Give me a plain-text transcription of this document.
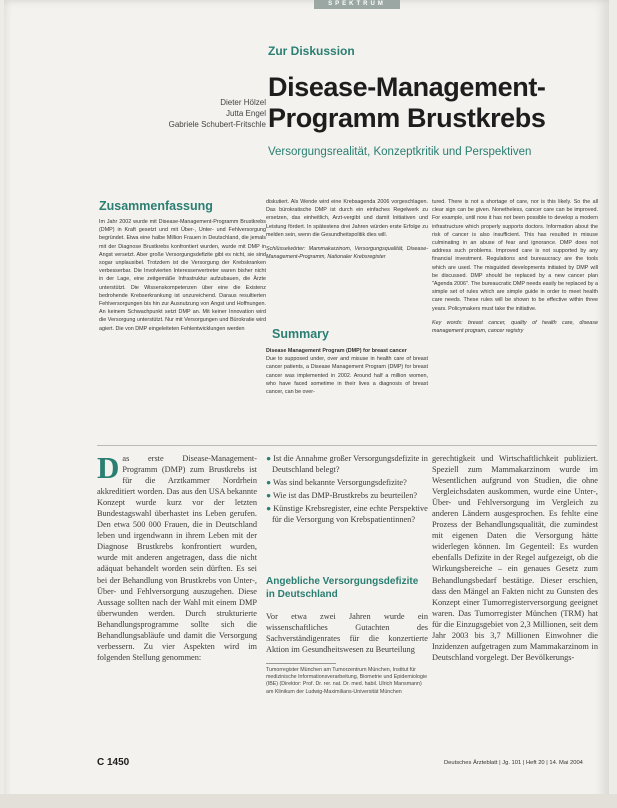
SPEKTRUM
Zur Diskussion
Dieter Hölzel
Jutta Engel
Gabriele Schubert-Fritschle
Disease-Management-Programm Brustkrebs
Versorgungsrealität, Konzeptkritik und Perspektiven
Zusammenfassung
Im Jahr 2002 wurde mit Disease-Management-Programm Brustkrebs (DMP) in Kraft gesetzt und mit Über-, Unter- und Fehlversorgung begründet. Etwa eine halbe Million Frauen in Deutschland, die jemals mit der Diagnose Brustkrebs konfrontiert wurden, wurde mit DMP in Angst versetzt. Aber große Versorgungsdefizite gibt es nicht, sie sind sogar unplausibel. Trotzdem ist die Versorgung der Krebskranken verbesserbar. Die Involvierten Interessenvertreter waren bisher nicht in der Lage, eine zeitgemäße Infrastruktur aufzubauen, die Ärzte unterstützt. Die Wissenskompetenzen über eine die Existenz bedrohende Krebserkrankung ist unzureichend. Daraus resultierten Fehlversorgungen bis hin zur Ausnutzung von Angst und Hoffnungen. An keinem Schwachpunkt setzt DMP an. Mit keiner Innovation wird die Versorgung unterstützt. Nur mit Versorgungen und Bürokratie wird agiert. Die von DMP eingeleiteten Fehlentwicklungen werden
diskutiert. Als Wende wird eine Krebsagenda 2006 vorgeschlagen. Das bürokratische DMP ist durch ein einfaches Regelwerk zu ersetzen, das einheitlich, Arzt-vergibt und damit Initiativen und Leistung fördert. In spätestens drei Jahren würden erste Erfolge zu melden sein, wenn die Gesundheitspolitik dies will.
Schlüsselwörter: Mammakarzinom, Versorgungsqualität, Disease-Management-Programm, Nationaler Krebsregister
Summary
Disease Management Program (DMP) for breast cancer
Due to supposed under, over and misuse in health care of breast cancer patients, a Disease Management Program (DMP) for breast cancer was implemented in 2002. Around half a million women, who have faced sometime in their lives a diagnosis of breast cancer, can be over-
tured. There is not a shortage of care, nor is this likely. So the all clear sign can be given. Nonetheless, cancer care can be improved. For example, until now it has not been possible to develop a modern infrastructure which properly supports doctors. Information about the risk of cancer is also insufficient. This has resulted in misuse culminating in an abuse of fear and ignorance. DMP does not address such problems. Improved care is not supported by any financial investment. Regulations and bureaucracy are the tools which are used. The misguided developments initiated by DMP will be discussed. DMP should be replaced by a new cancer plan "Agenda 2006". The bureaucratic DMP needs easily be replaced by a simple set of rules which are simple guide in order to meet health care needs. These rules will be shown to be effective within three years. Policymakers must take the initiative.
Key words: breast cancer, quality of health care, disease management program, cancer registry
Das erste Disease-Management-Programm (DMP) zum Brustkrebs ist für die Arztkammer Nordrhein akkreditiert worden. Das aus den USA bekannte Konzept wurde kurz vor der letzten Bundestagswahl überhastet ins Leben gerufen. Den etwa 500 000 Frauen, die in Deutschland leben und irgendwann in ihrem Leben mit der Diagnose Brustkrebs konfrontiert wurden, wurde mit anderen angetragen, dass die nicht adäquat behandelt worden sein dürften. Es sei bei der Behandlung von Brustkrebs von Unter-, Über- und Fehlversorgung auszugehen. Diese Aussage sollten nach der Wahl mit einem DMP überwunden werden. Durch strukturierte Behandlungsprogramme sollte sich die Behandlungsabläufe und damit die Versorgung verbessern. Zu vier Aspekten wird im folgenden Stellung genommen:
● Ist die Annahme großer Versorgungsdefizite in Deutschland belegt?
● Was sind bekannte Versorgungsdefizite?
● Wie ist das DMP-Brustkrebs zu beurteilen?
● Künstige Krebsregister, eine echte Perspektive für die Versorgung von Krebspatientinnen?
Angebliche Versorgungsdefizite in Deutschland
Vor etwa zwei Jahren wurde ein wissenschaftliches Gutachten des Sachverständigenrates für die konzertierte Aktion im Gesundheitswesen zu Beurteilung
Tumorregister München am Tumorzentrum München, Institut für medizinische Informationsverarbeitung, Biometrie und Epidemiologie (IBE) (Direktor: Prof. Dr. rer. nat. Dr. med. habil. Ulrich Mansmann) am Klinikum der Ludwig-Maximilians-Universität München
gerechtigkeit und Wirtschaftlichkeit publiziert. Speziell zum Mammakarzinom wurde im Wesentlichen aufgrund von Studien, die ohne Vergleichsdaten auskommen, wurde eine Unter-, Über- und Fehlversorgung im Vergleich zu anderen Ländern ausgesprochen. Es fehlte eine Prozess der Behandlungsqualität, die zumindest mit eigenen Daten die Versorgung hätte widerlegen können. Im Gegenteil: Es wurden ebenfalls Defizite in der Regel aufgezeigt, ob die Wirkungsbereiche – ein genaues Gesetz zum Behandlungsbedarf bestätige. Dieser erschien, dass den Mängel an Fakten nicht zu Gunsten des Konzept einer Tumorregisterversorgung geeignet waren. Das Tumorregister München (TRM) hat für die Einzugsgebiet von 2,3 Millionen, seit dem Jahr 2003 bis 3,7 Millionen Einwohner die Inzidenzen aufgetragen zum Mammakarzinom in Deutschland vorgelegt. Der Bevölkerungs-
C 1450	Deutsches Ärzteblatt | Jg. 101 | Heft 20 | 14. Mai 2004
